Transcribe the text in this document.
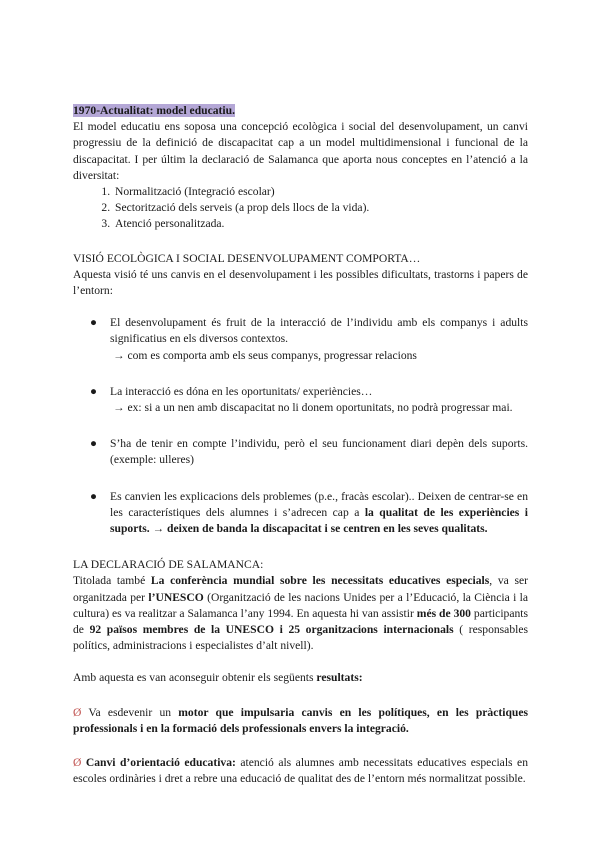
1970-Actualitat: model educatiu.

El model educatiu ens soposa una concepció ecològica i social del desenvolupament, un canvi progressiu de la definició de discapacitat cap a un model multidimensional i funcional de la discapacitat. I per últim la declaració de Salamanca que aporta nous conceptes en l’atenció a la diversitat:

1. Normalització (Integració escolar)
2. Sectorització dels serveis (a prop dels llocs de la vida).
3. Atenció personalitzada.

VISIÓ ECOLÒGICA I SOCIAL DESENVOLUPAMENT COMPORTA…

Aquesta visió té uns canvis en el desenvolupament i les possibles dificultats, trastorns i papers de l’entorn:

● El desenvolupament és fruit de la interacció de l’individu amb els companys i adults significatius en els diversos contextos.

→ com es comporta amb els seus companys, progressar relacions
● La interacció es dóna en les oportunitats/ experiències…

→ ex: si a un nen amb discapacitat no li donem oportunitats, no podrà progressar mai.
● S’ha de tenir en compte l’individu, però el seu funcionament diari depèn dels suports. (exemple: ulleres)

● Es canvien les explicacions dels problemes (p.e., fracàs escolar).. Deixen de centrar-se en les característiques dels alumnes i s’adrecen cap a la qualitat de les experiències i suports. → deixen de banda la discapacitat i se centren en les seves qualitats.

LA DECLARACIÓ DE SALAMANCA:

Titolada també La conferència mundial sobre les necessitats educatives especials, va ser organitzada per l’UNESCO (Organització de les nacions Unides per a l’Educació, la Ciència i la cultura) es va realitzar a Salamanca l’any 1994. En aquesta hi van assistir més de 300 participants de 92 països membres de la UNESCO i 25 organitzacions internacionals ( responsables polítics, administracions i especialistes d’alt nivell).

Amb aquesta es van aconseguir obtenir els següents resultats:

Ø Va esdevenir un motor que impulsaria canvis en les polítiques, en les pràctiques professionals i en la formació dels professionals envers la integració.

Ø Canvi d’orientació educativa: atenció als alumnes amb necessitats educatives especials en escoles ordinàries i dret a rebre una educació de qualitat des de l’entorn més normalitzat possible.
